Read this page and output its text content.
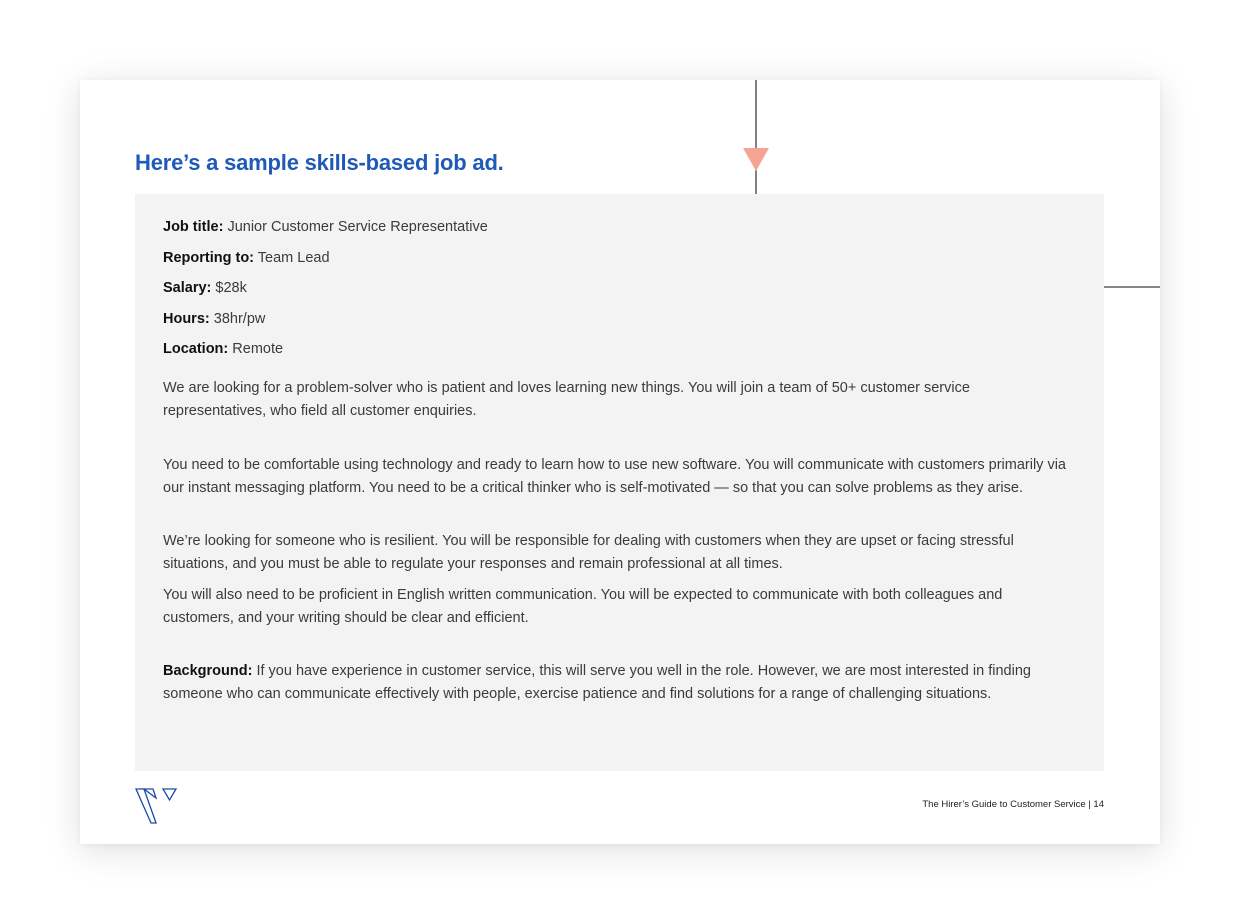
Here’s a sample skills-based job ad.
Job title: Junior Customer Service Representative
Reporting to: Team Lead
Salary: $28k
Hours: 38hr/pw
Location: Remote

We are looking for a problem-solver who is patient and loves learning new things. You will join a team of 50+ customer service representatives, who field all customer enquiries.

You need to be comfortable using technology and ready to learn how to use new software. You will communicate with customers primarily via our instant messaging platform. You need to be a critical thinker who is self-motivated — so that you can solve problems as they arise.

We’re looking for someone who is resilient. You will be responsible for dealing with customers when they are upset or facing stressful situations, and you must be able to regulate your responses and remain professional at all times.

You will also need to be proficient in English written communication. You will be expected to communicate with both colleagues and customers, and your writing should be clear and efficient.

Background: If you have experience in customer service, this will serve you well in the role. However, we are most interested in finding someone who can communicate effectively with people, exercise patience and find solutions for a range of challenging situations.

The Hirer’s Guide to Customer Service | 14
